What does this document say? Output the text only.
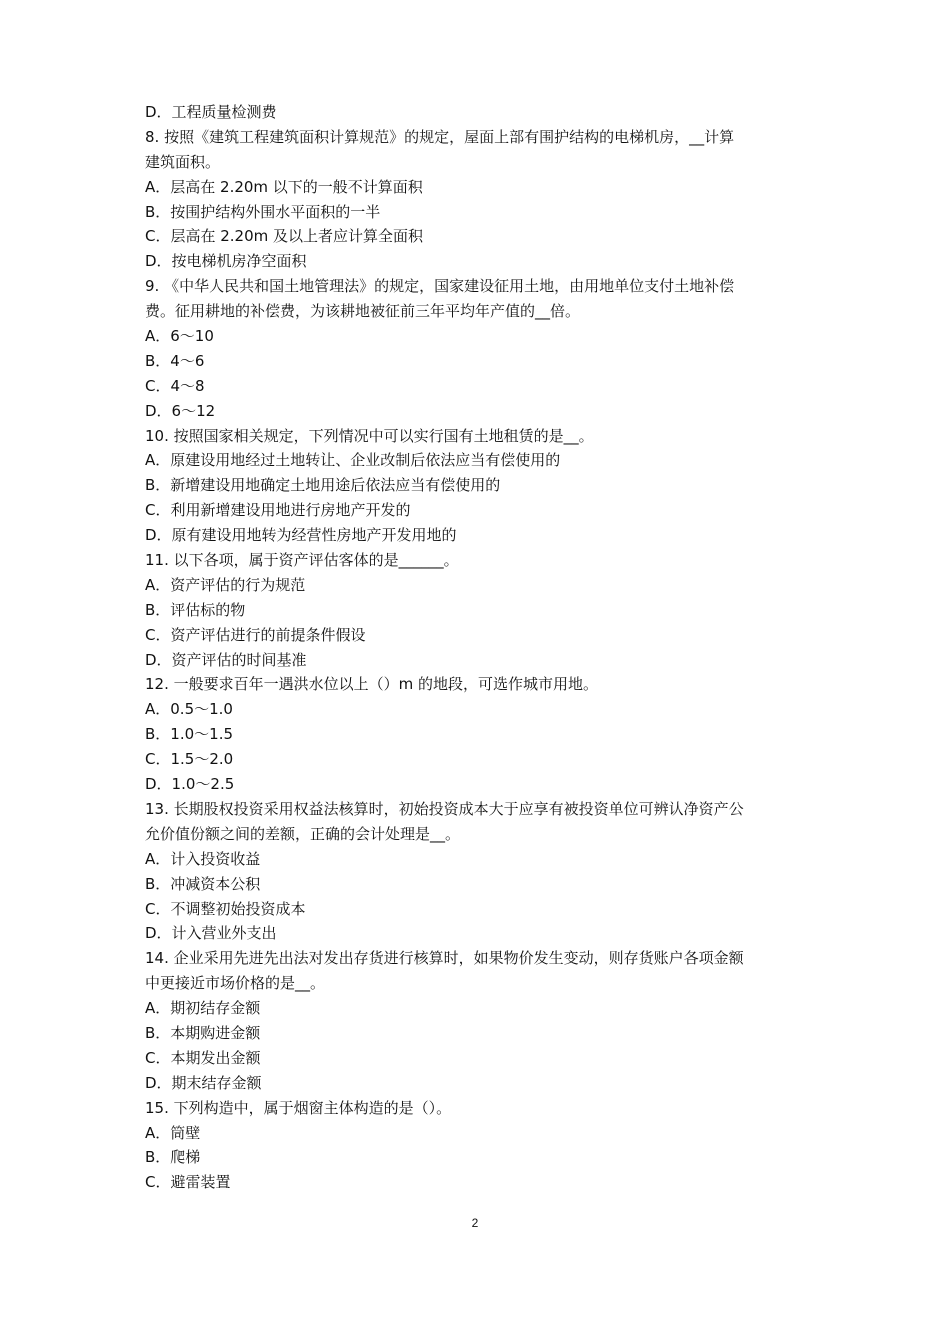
D．工程质量检测费
8. 按照《建筑工程建筑面积计算规范》的规定，屋面上部有围护结构的电梯机房，__计算
建筑面积。
A．层高在 2.20m 以下的一般不计算面积
B．按围护结构外围水平面积的一半
C．层高在 2.20m 及以上者应计算全面积
D．按电梯机房净空面积
9. 《中华人民共和国土地管理法》的规定，国家建设征用土地，由用地单位支付土地补偿
费。征用耕地的补偿费，为该耕地被征前三年平均年产值的__倍。
A．6～10
B．4～6
C．4～8
D．6～12
10. 按照国家相关规定，下列情况中可以实行国有土地租赁的是__。
A．原建设用地经过土地转让、企业改制后依法应当有偿使用的
B．新增建设用地确定土地用途后依法应当有偿使用的
C．利用新增建设用地进行房地产开发的
D．原有建设用地转为经营性房地产开发用地的
11. 以下各项，属于资产评估客体的是______。
A．资产评估的行为规范
B．评估标的物
C．资产评估进行的前提条件假设
D．资产评估的时间基准
12. 一般要求百年一遇洪水位以上（）m 的地段，可选作城市用地。
A．0.5～1.0
B．1.0～1.5
C．1.5～2.0
D．1.0～2.5
13. 长期股权投资采用权益法核算时，初始投资成本大于应享有被投资单位可辨认净资产公
允价值份额之间的差额，正确的会计处理是__。
A．计入投资收益
B．冲减资本公积
C．不调整初始投资成本
D．计入营业外支出
14. 企业采用先进先出法对发出存货进行核算时，如果物价发生变动，则存货账户各项金额
中更接近市场价格的是__。
A．期初结存金额
B．本期购进金额
C．本期发出金额
D．期末结存金额
15. 下列构造中，属于烟窗主体构造的是（）。
A．筒壁
B．爬梯
C．避雷装置
2
